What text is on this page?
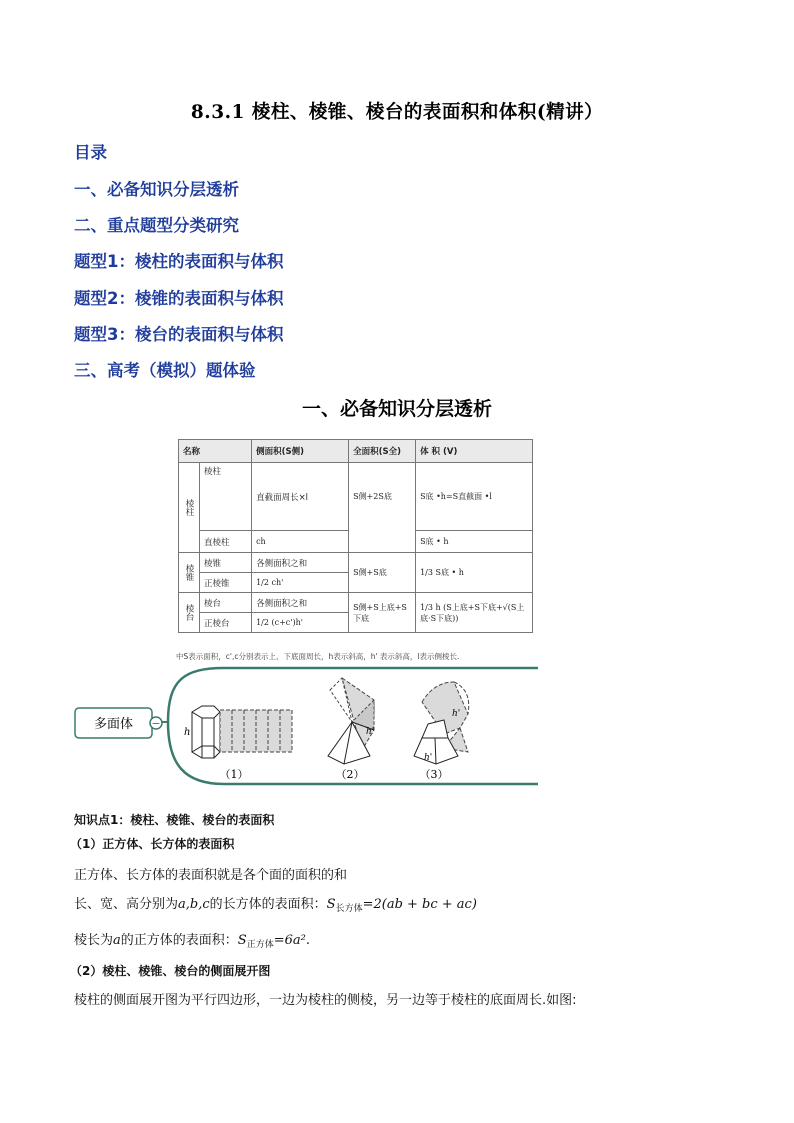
8.3.1 棱柱、棱锥、棱台的表面积和体积(精讲）
目录
一、必备知识分层透析
二、重点题型分类研究
题型1：棱柱的表面积与体积
题型2：棱锥的表面积与体积
题型3：棱台的表面积与体积
三、高考（模拟）题体验
一、必备知识分层透析
名称		侧面积(S侧)	全面积(S全)	体 积 (V)
棱柱	棱柱	直截面周长×l	S侧+2S底	S底 •h=S直截面 •l
	直棱柱	ch		S底 • h
棱锥	棱锥	各侧面积之和	S侧+S底	1/3 S底 • h
	正棱锥	1/2 ch'		
棱台	棱台	各侧面积之和	S侧+S上底+S下底	1/3 h (S上底+S下底+√(S上底·S下底))
	正棱台	1/2 (c+c')h'		
中S表示面积，c',c分别表示上、下底面周长，h表示斜高，h' 表示斜高，l表示侧棱长.
多面体 −
h
（1）
h'
（2）
h'
h'
（3）
知识点1：棱柱、棱锥、棱台的表面积
（1）正方体、长方体的表面积
正方体、长方体的表面积就是各个面的面积的和
长、宽、高分别为a,b,c的长方体的表面积：$S_{长方体}=2(ab$ + bc + ac)
棱长为a的正方体的表面积：$S_{正方体}=6a^2$.
（2）棱柱、棱锥、棱台的侧面展开图
棱柱的侧面展开图为平行四边形，一边为棱柱的侧棱，另一边等于棱柱的底面周长.如图:
